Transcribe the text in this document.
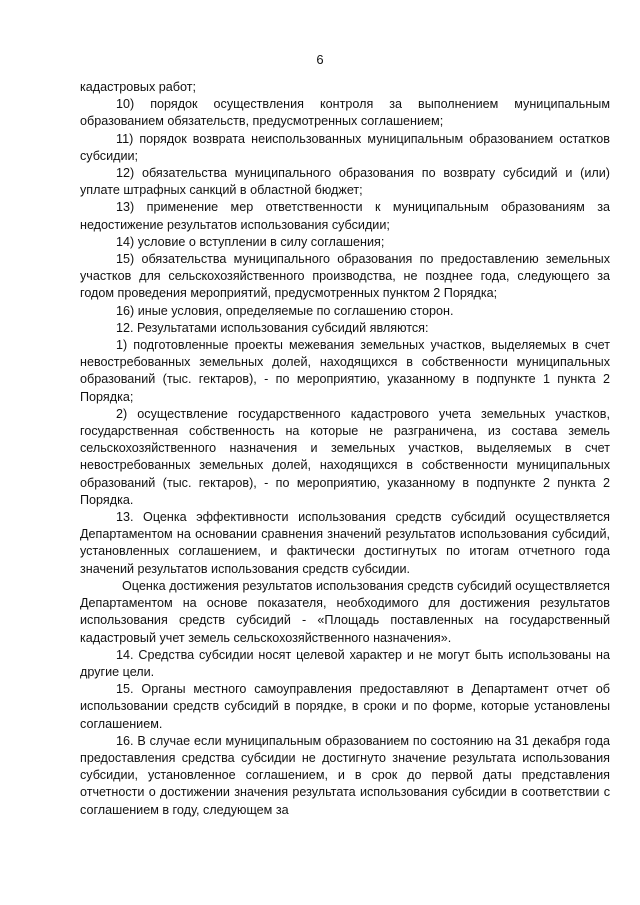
6

кадастровых работ;

10) порядок осуществления контроля за выполнением муниципальным образованием обязательств, предусмотренных соглашением;

11) порядок возврата неиспользованных муниципальным образованием остатков субсидии;

12) обязательства муниципального образования по возврату субсидий и (или) уплате штрафных санкций в областной бюджет;

13) применение мер ответственности к муниципальным образованиям за недостижение результатов использования субсидии;

14) условие о вступлении в силу соглашения;

15) обязательства муниципального образования по предоставлению земельных участков для сельскохозяйственного производства, не позднее года, следующего за годом проведения мероприятий, предусмотренных пунктом 2 Порядка;

16) иные условия, определяемые по соглашению сторон.

12. Результатами использования субсидий являются:

1) подготовленные проекты межевания земельных участков, выделяемых в счет невостребованных земельных долей, находящихся в собственности муниципальных образований (тыс. гектаров), - по мероприятию, указанному в подпункте 1 пункта 2 Порядка;

2) осуществление государственного кадастрового учета земельных участков, государственная собственность на которые не разграничена, из состава земель сельскохозяйственного назначения и земельных участков, выделяемых в счет невостребованных земельных долей, находящихся в собственности муниципальных образований (тыс. гектаров), - по мероприятию, указанному в подпункте 2 пункта 2 Порядка.

13. Оценка эффективности использования средств субсидий осуществляется Департаментом на основании сравнения значений результатов использования субсидий, установленных соглашением, и фактически достигнутых по итогам отчетного года значений результатов использования средств субсидии.

Оценка достижения результатов использования средств субсидий осуществляется Департаментом на основе показателя, необходимого для достижения результатов использования средств субсидий - «Площадь поставленных на государственный кадастровый учет земель сельскохозяйственного назначения».

14. Средства субсидии носят целевой характер и не могут быть использованы на другие цели.

15. Органы местного самоуправления предоставляют в Департамент отчет об использовании средств субсидий в порядке, в сроки и по форме, которые установлены соглашением.

16. В случае если муниципальным образованием по состоянию на 31 декабря года предоставления средства субсидии не достигнуто значение результата использования субсидии, установленное соглашением, и в срок до первой даты представления отчетности о достижении значения результата использования субсидии в соответствии с соглашением в году, следующем за
